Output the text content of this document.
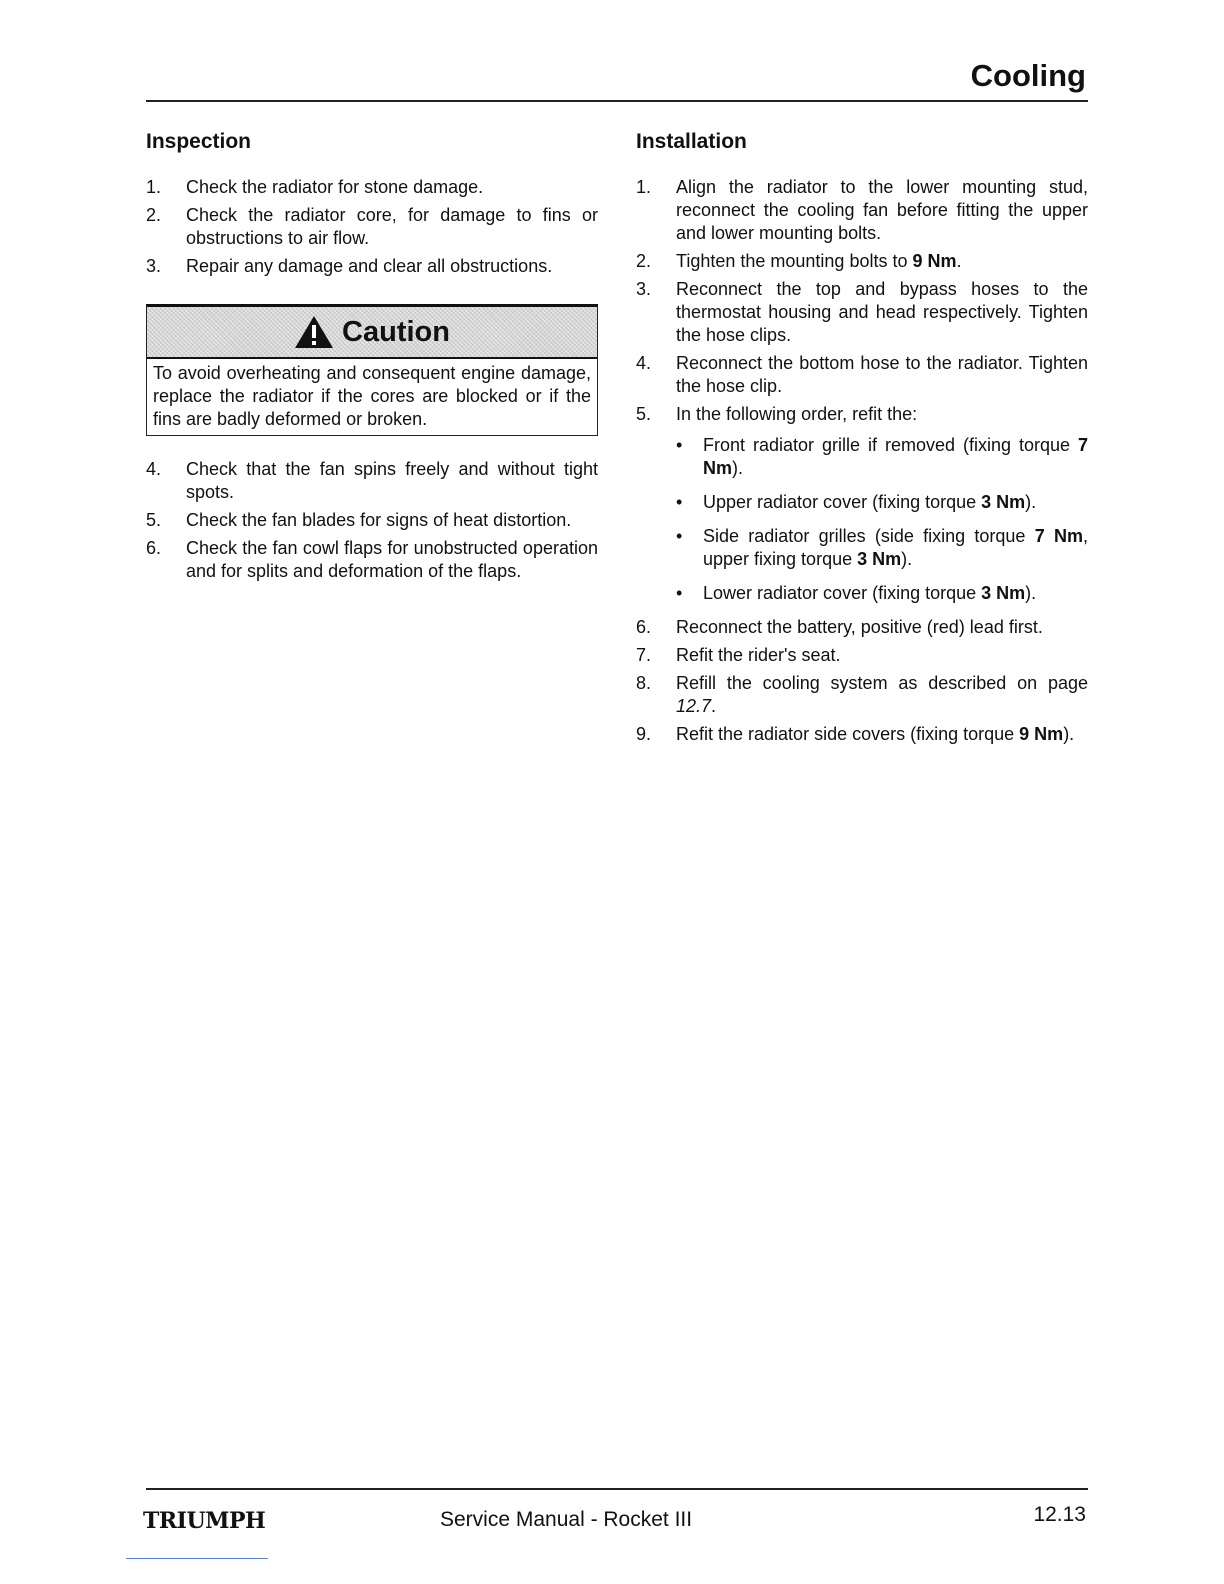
Cooling
Inspection
1. Check the radiator for stone damage.
2. Check the radiator core, for damage to fins or obstructions to air flow.
3. Repair any damage and clear all obstructions.
Caution
To avoid overheating and consequent engine damage, replace the radiator if the cores are blocked or if the fins are badly deformed or broken.
4. Check that the fan spins freely and without tight spots.
5. Check the fan blades for signs of heat distortion.
6. Check the fan cowl flaps for unobstructed operation and for splits and deformation of the flaps.
Installation
1. Align the radiator to the lower mounting stud, reconnect the cooling fan before fitting the upper and lower mounting bolts.
2. Tighten the mounting bolts to 9 Nm.
3. Reconnect the top and bypass hoses to the thermostat housing and head respectively. Tighten the hose clips.
4. Reconnect the bottom hose to the radiator. Tighten the hose clip.
5. In the following order, refit the:
• Front radiator grille if removed (fixing torque 7 Nm).
• Upper radiator cover (fixing torque 3 Nm).
• Side radiator grilles (side fixing torque 7 Nm, upper fixing torque 3 Nm).
• Lower radiator cover (fixing torque 3 Nm).
6. Reconnect the battery, positive (red) lead first.
7. Refit the rider's seat.
8. Refill the cooling system as described on page 12.7.
9. Refit the radiator side covers (fixing torque 9 Nm).
TRIUMPH	Service Manual - Rocket III	12.13
